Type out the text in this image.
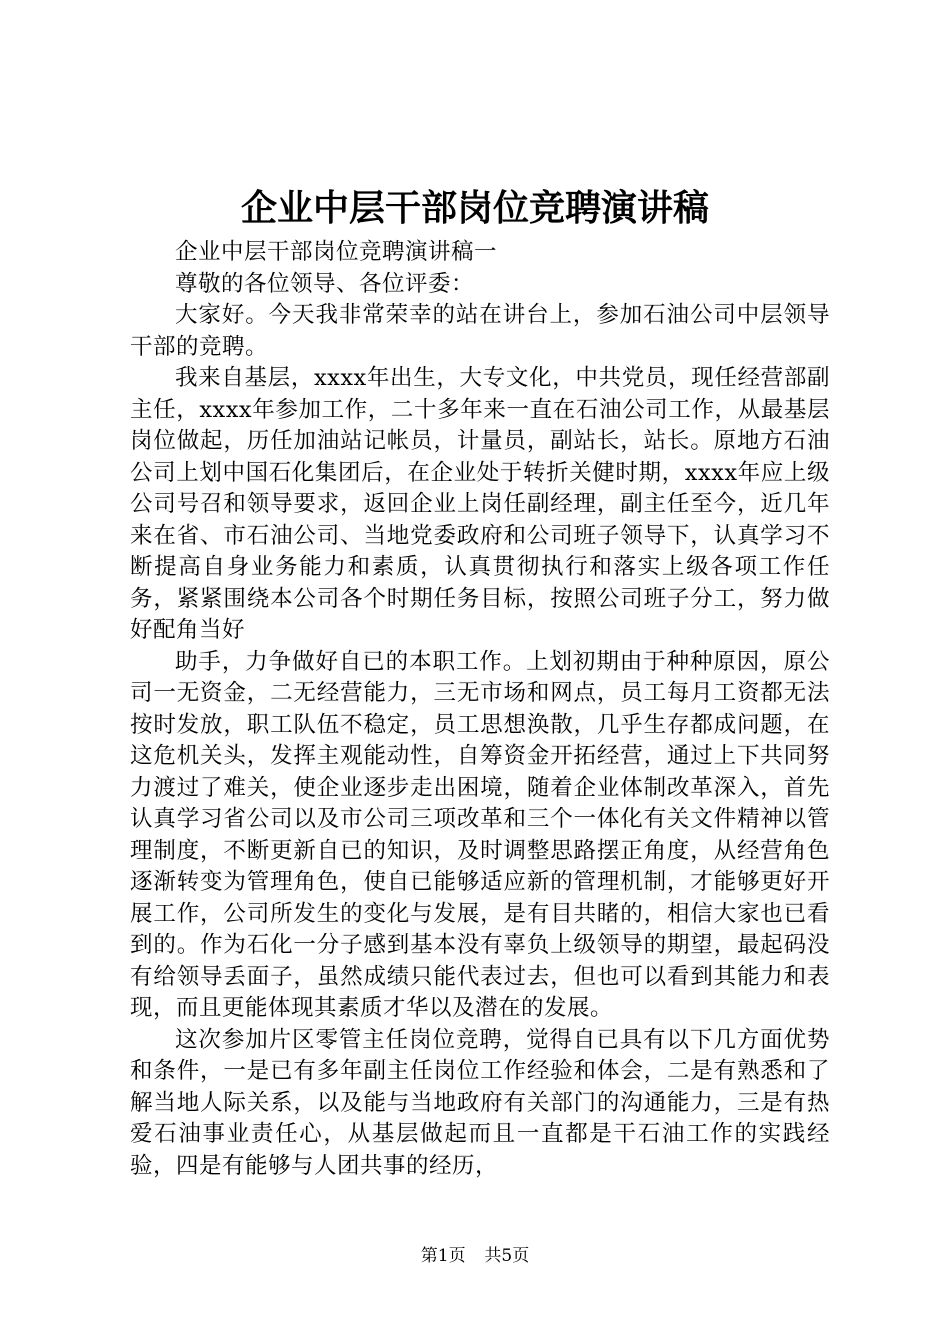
企业中层干部岗位竞聘演讲稿

企业中层干部岗位竞聘演讲稿一

尊敬的各位领导、各位评委：

大家好。今天我非常荣幸的站在讲台上，参加石油公司中层领导干部的竞聘。

我来自基层，xxxx年出生，大专文化，中共党员，现任经营部副主任，xxxx年参加工作，二十多年来一直在石油公司工作，从最基层岗位做起，历任加油站记帐员，计量员，副站长，站长。原地方石油公司上划中国石化集团后，在企业处于转折关健时期，xxxx年应上级公司号召和领导要求，返回企业上岗任副经理，副主任至今，近几年来在省、市石油公司、当地党委政府和公司班子领导下，认真学习不断提高自身业务能力和素质，认真贯彻执行和落实上级各项工作任务，紧紧围绕本公司各个时期任务目标，按照公司班子分工，努力做好配角当好

助手，力争做好自已的本职工作。上划初期由于种种原因，原公司一无资金，二无经营能力，三无市场和网点，员工每月工资都无法按时发放，职工队伍不稳定，员工思想涣散，几乎生存都成问题，在这危机关头，发挥主观能动性，自筹资金开拓经营，通过上下共同努力渡过了难关，使企业逐步走出困境，随着企业体制改革深入，首先认真学习省公司以及市公司三项改革和三个一体化有关文件精神以管理制度，不断更新自已的知识，及时调整思路摆正角度，从经营角色逐渐转变为管理角色，使自已能够适应新的管理机制，才能够更好开展工作，公司所发生的变化与发展，是有目共睹的，相信大家也已看到的。作为石化一分子感到基本没有辜负上级领导的期望，最起码没有给领导丢面子，虽然成绩只能代表过去，但也可以看到其能力和表现，而且更能体现其素质才华以及潜在的发展。

这次参加片区零管主任岗位竞聘，觉得自已具有以下几方面优势和条件，一是已有多年副主任岗位工作经验和体会，二是有熟悉和了解当地人际关系，以及能与当地政府有关部门的沟通能力，三是有热爱石油事业责任心，从基层做起而且一直都是干石油工作的实践经验，四是有能够与人团共事的经历，

第1页 共5页
